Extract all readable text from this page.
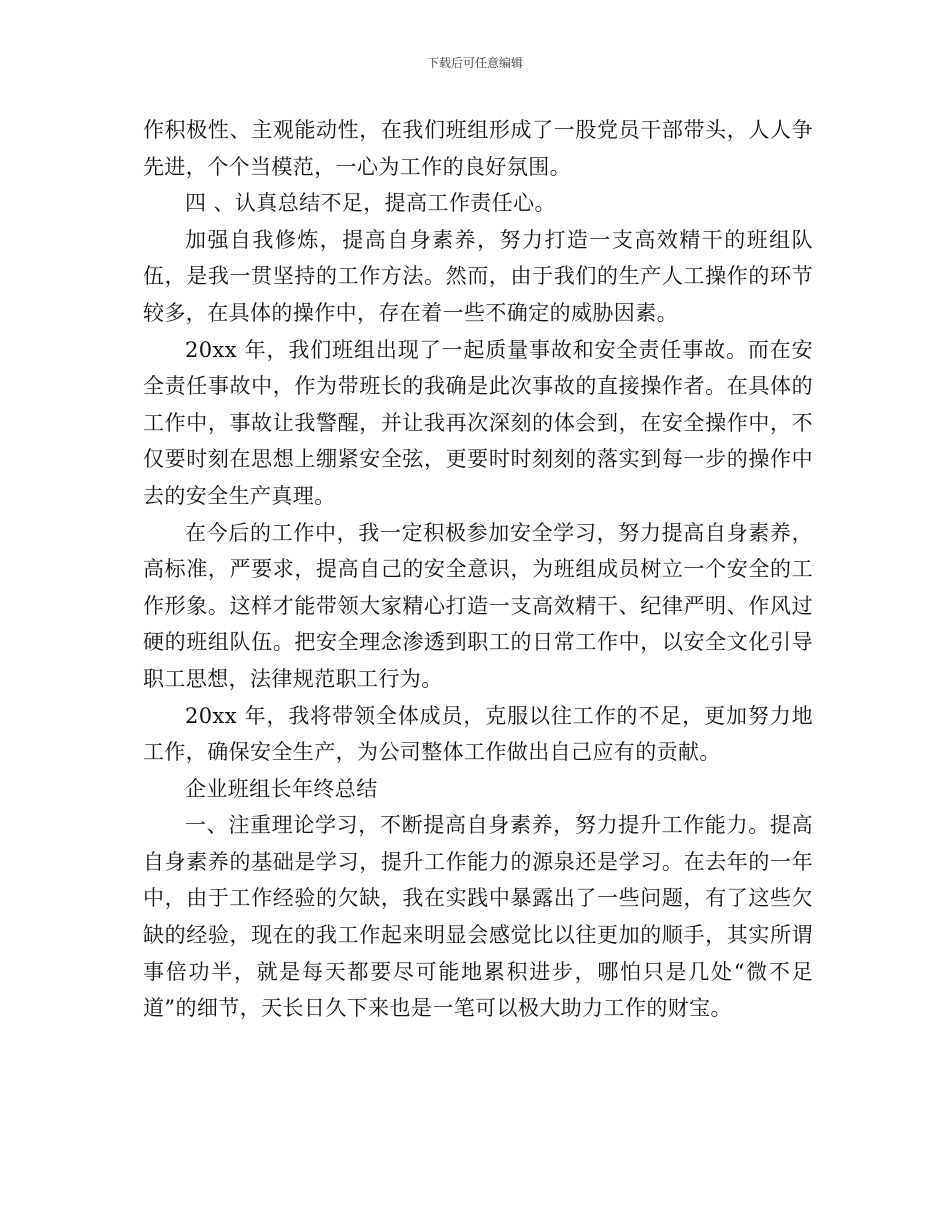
下载后可任意编辑

作积极性、主观能动性，在我们班组形成了一股党员干部带头，人人争先进，个个当模范，一心为工作的良好氛围。

四 、认真总结不足，提高工作责任心。

加强自我修炼，提高自身素养，努力打造一支高效精干的班组队伍，是我一贯坚持的工作方法。然而，由于我们的生产人工操作的环节较多，在具体的操作中，存在着一些不确定的威胁因素。

20xx 年，我们班组出现了一起质量事故和安全责任事故。而在安全责任事故中，作为带班长的我确是此次事故的直接操作者。在具体的工作中，事故让我警醒，并让我再次深刻的体会到，在安全操作中，不仅要时刻在思想上绷紧安全弦，更要时时刻刻的落实到每一步的操作中去的安全生产真理。

在今后的工作中，我一定积极参加安全学习，努力提高自身素养，高标准，严要求，提高自己的安全意识，为班组成员树立一个安全的工作形象。这样才能带领大家精心打造一支高效精干、纪律严明、作风过硬的班组队伍。把安全理念渗透到职工的日常工作中，以安全文化引导职工思想，法律规范职工行为。

20xx 年，我将带领全体成员，克服以往工作的不足，更加努力地工作，确保安全生产，为公司整体工作做出自己应有的贡献。

企业班组长年终总结

一、注重理论学习，不断提高自身素养，努力提升工作能力。提高自身素养的基础是学习，提升工作能力的源泉还是学习。在去年的一年中，由于工作经验的欠缺，我在实践中暴露出了一些问题，有了这些欠缺的经验，现在的我工作起来明显会感觉比以往更加的顺手，其实所谓事倍功半，就是每天都要尽可能地累积进步，哪怕只是几处“微不足道”的细节，天长日久下来也是一笔可以极大助力工作的财宝。
